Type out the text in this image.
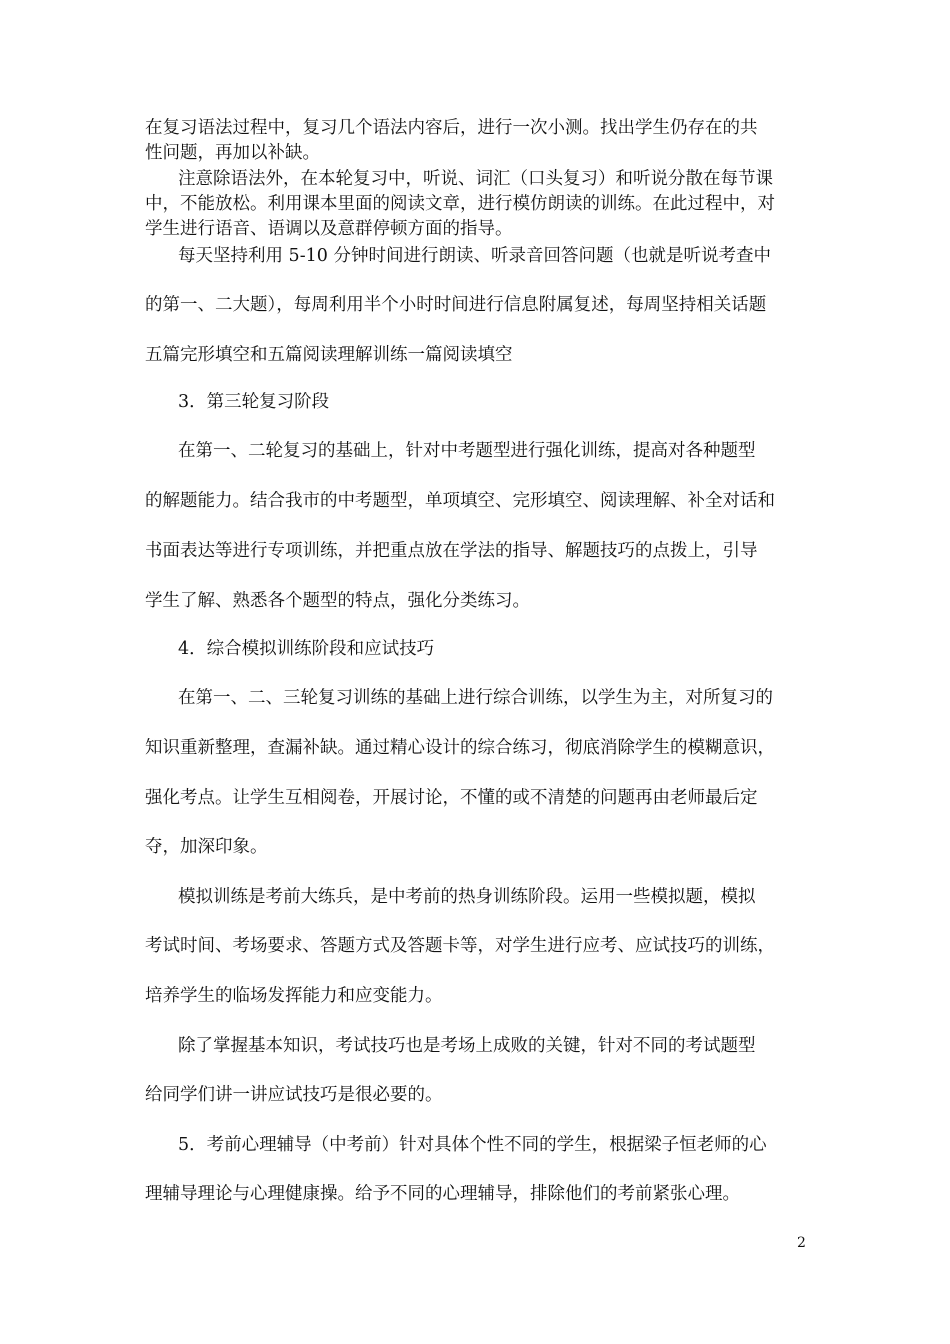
在复习语法过程中，复习几个语法内容后，进行一次小测。找出学生仍存在的共
性问题，再加以补缺。
注意除语法外，在本轮复习中，听说、词汇（口头复习）和听说分散在每节课
中，不能放松。利用课本里面的阅读文章，进行模仿朗读的训练。在此过程中，对
学生进行语音、语调以及意群停顿方面的指导。
每天坚持利用 5-10 分钟时间进行朗读、听录音回答问题（也就是听说考查中
的第一、二大题），每周利用半个小时时间进行信息附属复述，每周坚持相关话题
五篇完形填空和五篇阅读理解训练一篇阅读填空
3．第三轮复习阶段
在第一、二轮复习的基础上，针对中考题型进行强化训练，提高对各种题型
的解题能力。结合我市的中考题型，单项填空、完形填空、阅读理解、补全对话和
书面表达等进行专项训练，并把重点放在学法的指导、解题技巧的点拨上，引导
学生了解、熟悉各个题型的特点，强化分类练习。
4．综合模拟训练阶段和应试技巧
在第一、二、三轮复习训练的基础上进行综合训练，以学生为主，对所复习的
知识重新整理，查漏补缺。通过精心设计的综合练习，彻底消除学生的模糊意识，
强化考点。让学生互相阅卷，开展讨论，不懂的或不清楚的问题再由老师最后定
夺，加深印象。
模拟训练是考前大练兵，是中考前的热身训练阶段。运用一些模拟题，模拟
考试时间、考场要求、答题方式及答题卡等，对学生进行应考、应试技巧的训练，
培养学生的临场发挥能力和应变能力。
除了掌握基本知识，考试技巧也是考场上成败的关键，针对不同的考试题型
给同学们讲一讲应试技巧是很必要的。
5．考前心理辅导（中考前）针对具体个性不同的学生，根据梁子恒老师的心
理辅导理论与心理健康操。给予不同的心理辅导，排除他们的考前紧张心理。
2
